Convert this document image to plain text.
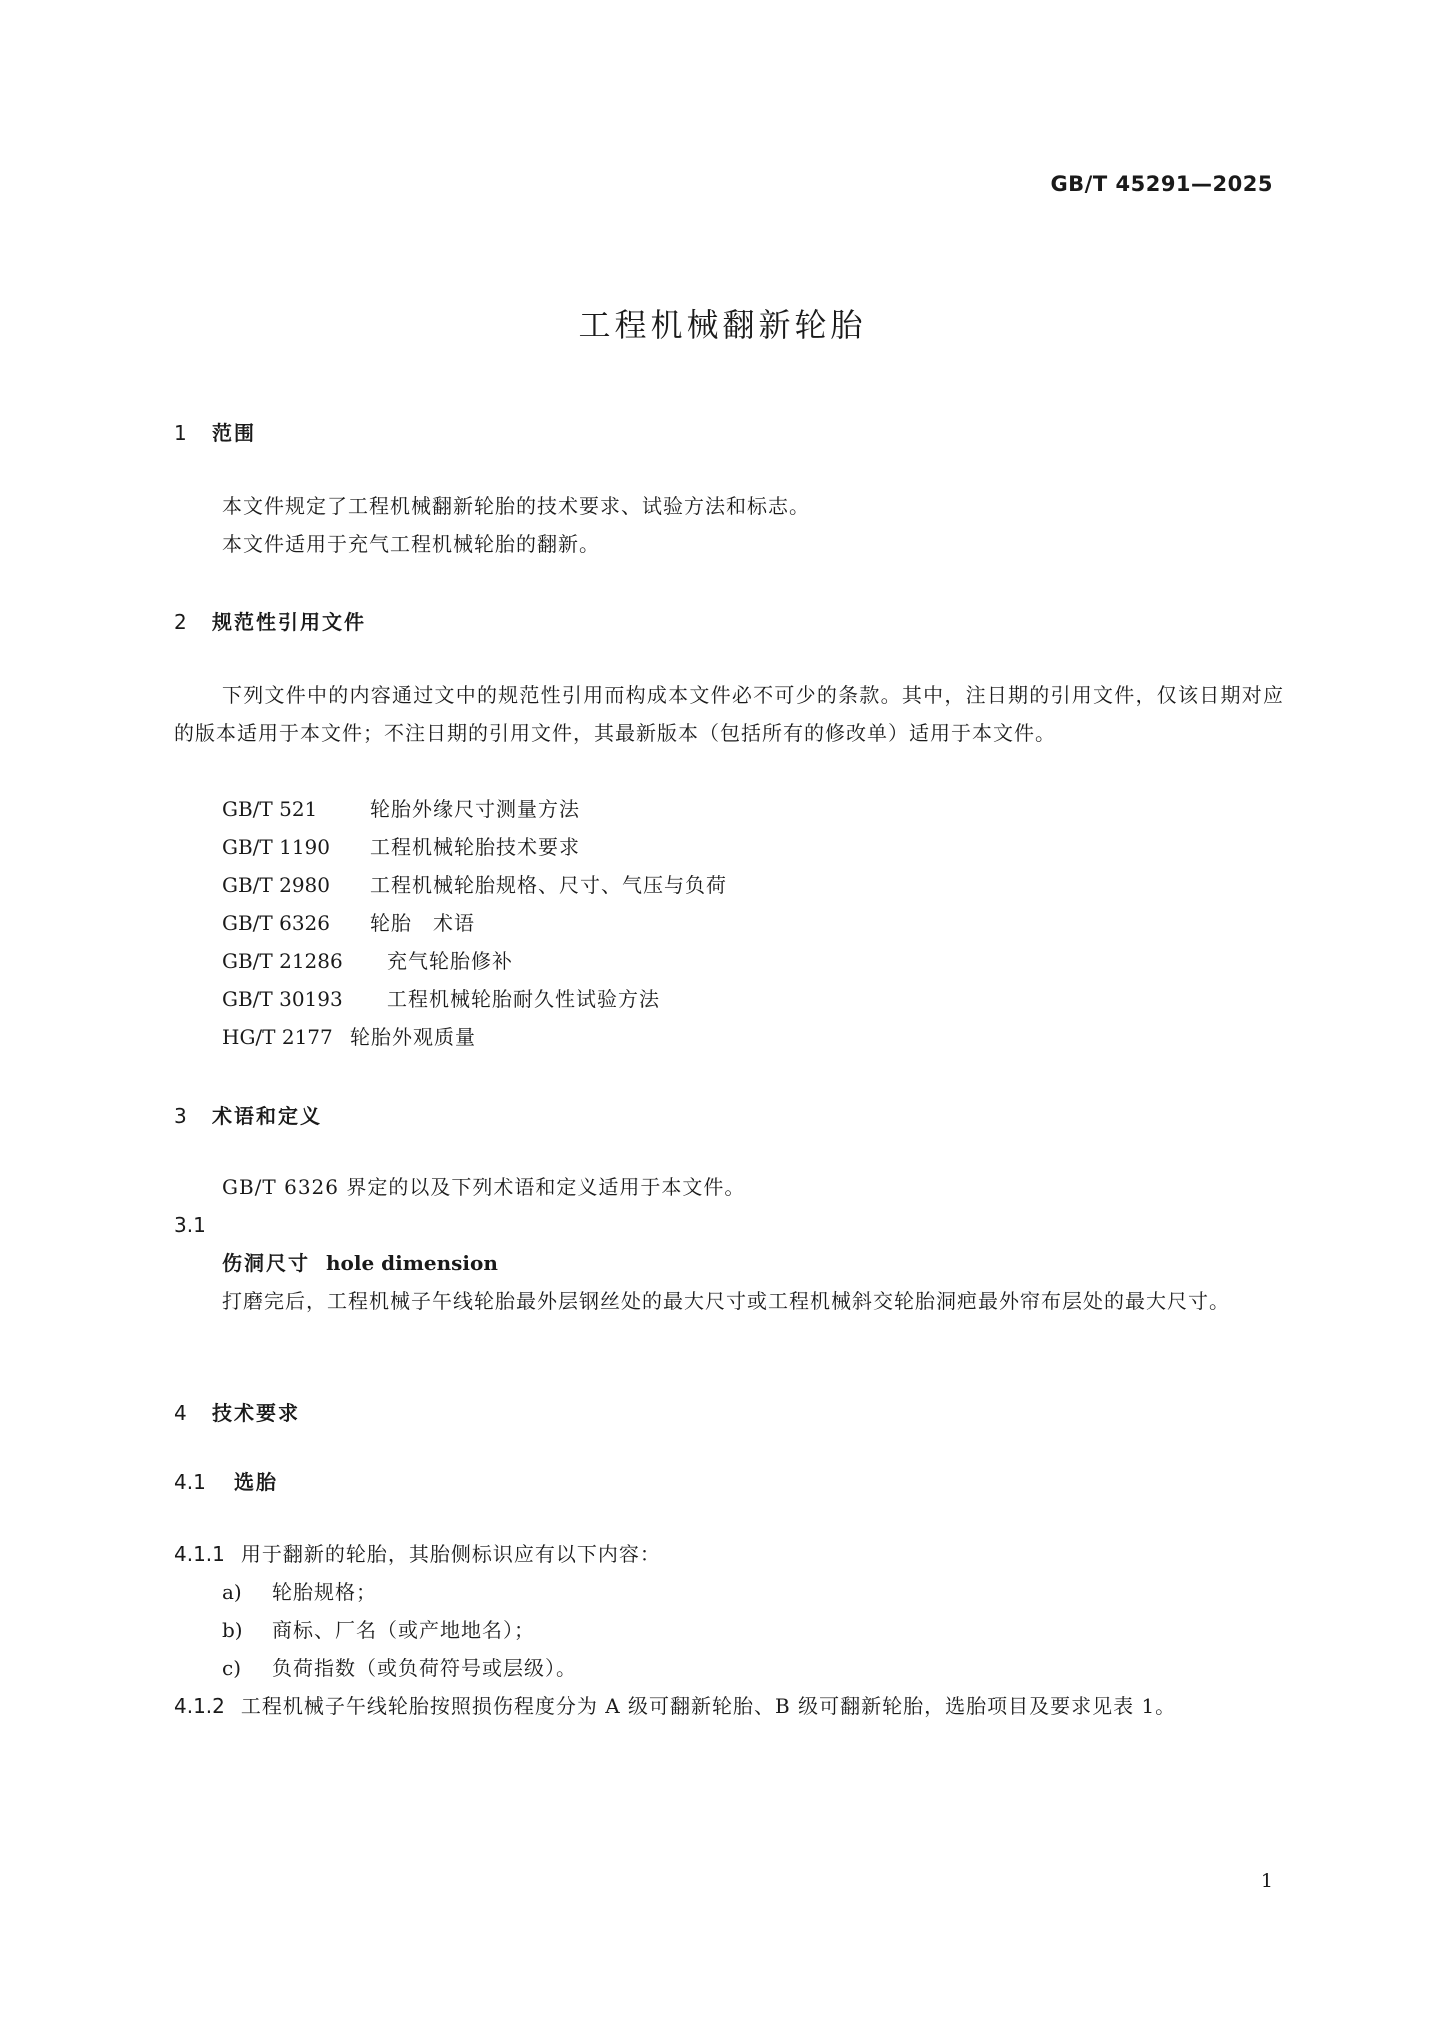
GB/T 45291—2025
工程机械翻新轮胎
1 范围
本文件规定了工程机械翻新轮胎的技术要求、试验方法和标志。
本文件适用于充气工程机械轮胎的翻新。
2 规范性引用文件

下列文件中的内容通过文中的规范性引用而构成本文件必不可少的条款。其中，注日期的引用文件，仅该日期对应的版本适用于本文件；不注日期的引用文件，其最新版本（包括所有的修改单）适用于本文件。

GB/T 521	轮胎外缘尺寸测量方法
GB/T 1190 工程机械轮胎技术要求
GB/T 2980 工程机械轮胎规格、尺寸、气压与负荷
GB/T 6326 轮胎　术语
GB/T 21286 充气轮胎修补
GB/T 30193 工程机械轮胎耐久性试验方法
HG/T 2177 轮胎外观质量
3 术语和定义
GB/T 6326 界定的以及下列术语和定义适用于本文件。
3.1
伤洞尺寸 hole dimension

打磨完后，工程机械子午线轮胎最外层钢丝处的最大尺寸或工程机械斜交轮胎洞疤最外帘布层处的最大尺寸。

4 技术要求
4.1 选胎
4.1.1 用于翻新的轮胎，其胎侧标识应有以下内容：
a) 轮胎规格；
b) 商标、厂名（或产地地名）；
c) 负荷指数（或负荷符号或层级）。

4.1.2 工程机械子午线轮胎按照损伤程度分为 A 级可翻新轮胎、B 级可翻新轮胎，选胎项目及要求见表 1。

1
